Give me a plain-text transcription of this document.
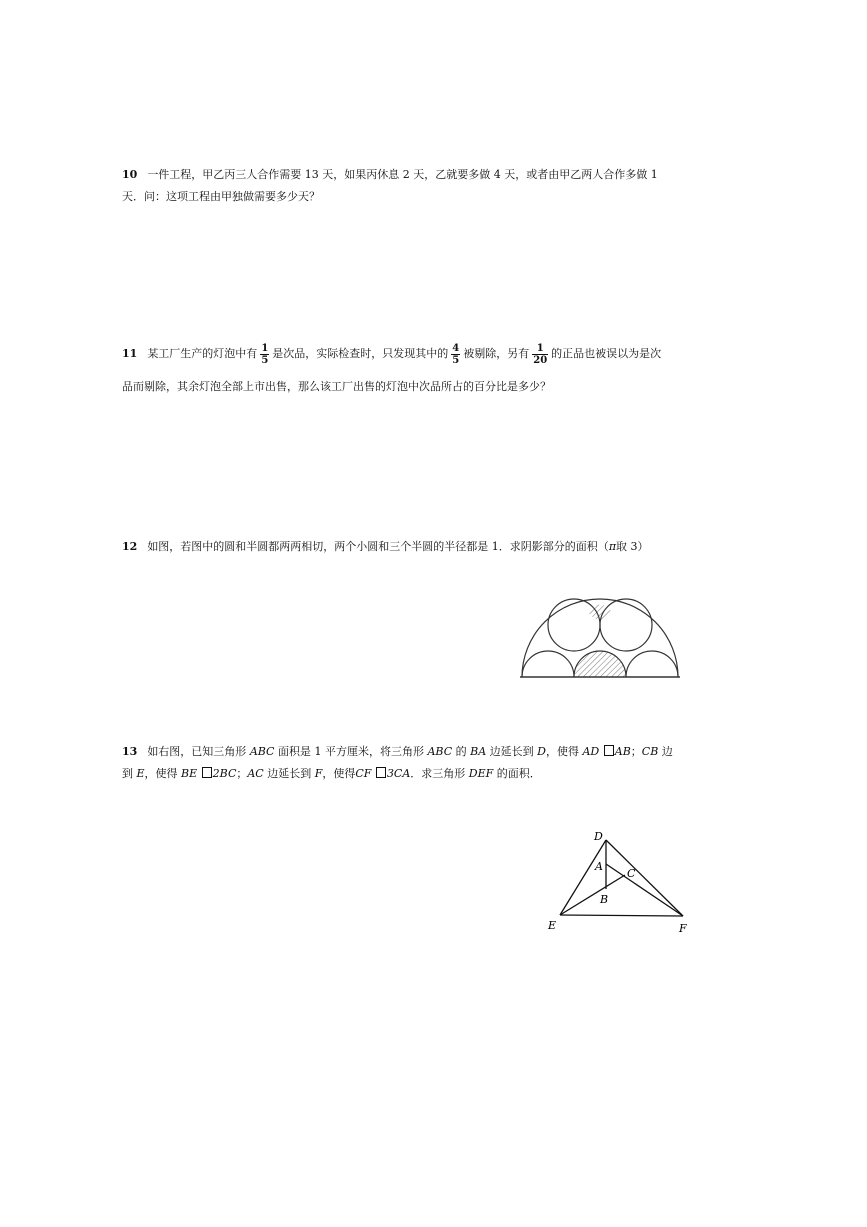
10 一件工程，甲乙丙三人合作需要 13 天，如果丙休息 2 天，乙就要多做 4 天，或者由甲乙两人合作多做 1
天．问：这项工程由甲独做需要多少天？
11 某工厂生产的灯泡中有 $\frac{1}{5}$ 是次品，实际检查时，只发现其中的 $\frac{4}{5}$ 被剔除，另有 $\frac{1}{20}$ 的正品也被误以为是次
品而剔除，其余灯泡全部上市出售，那么该工厂出售的灯泡中次品所占的百分比是多少？
12 如图，若图中的圆和半圆都两两相切，两个小圆和三个半圆的半径都是 1．求阴影部分的面积（π取 3）
13 如右图，已知三角形 ABC 面积是 1 平方厘米，将三角形 ABC 的 BA 边延长到 D，使得 AD AB；CB 边
到 E，使得 BE 2BC；AC 边延长到 F，使得CF 3CA．求三角形 DEF 的面积．
D
A
C
B
E	F
